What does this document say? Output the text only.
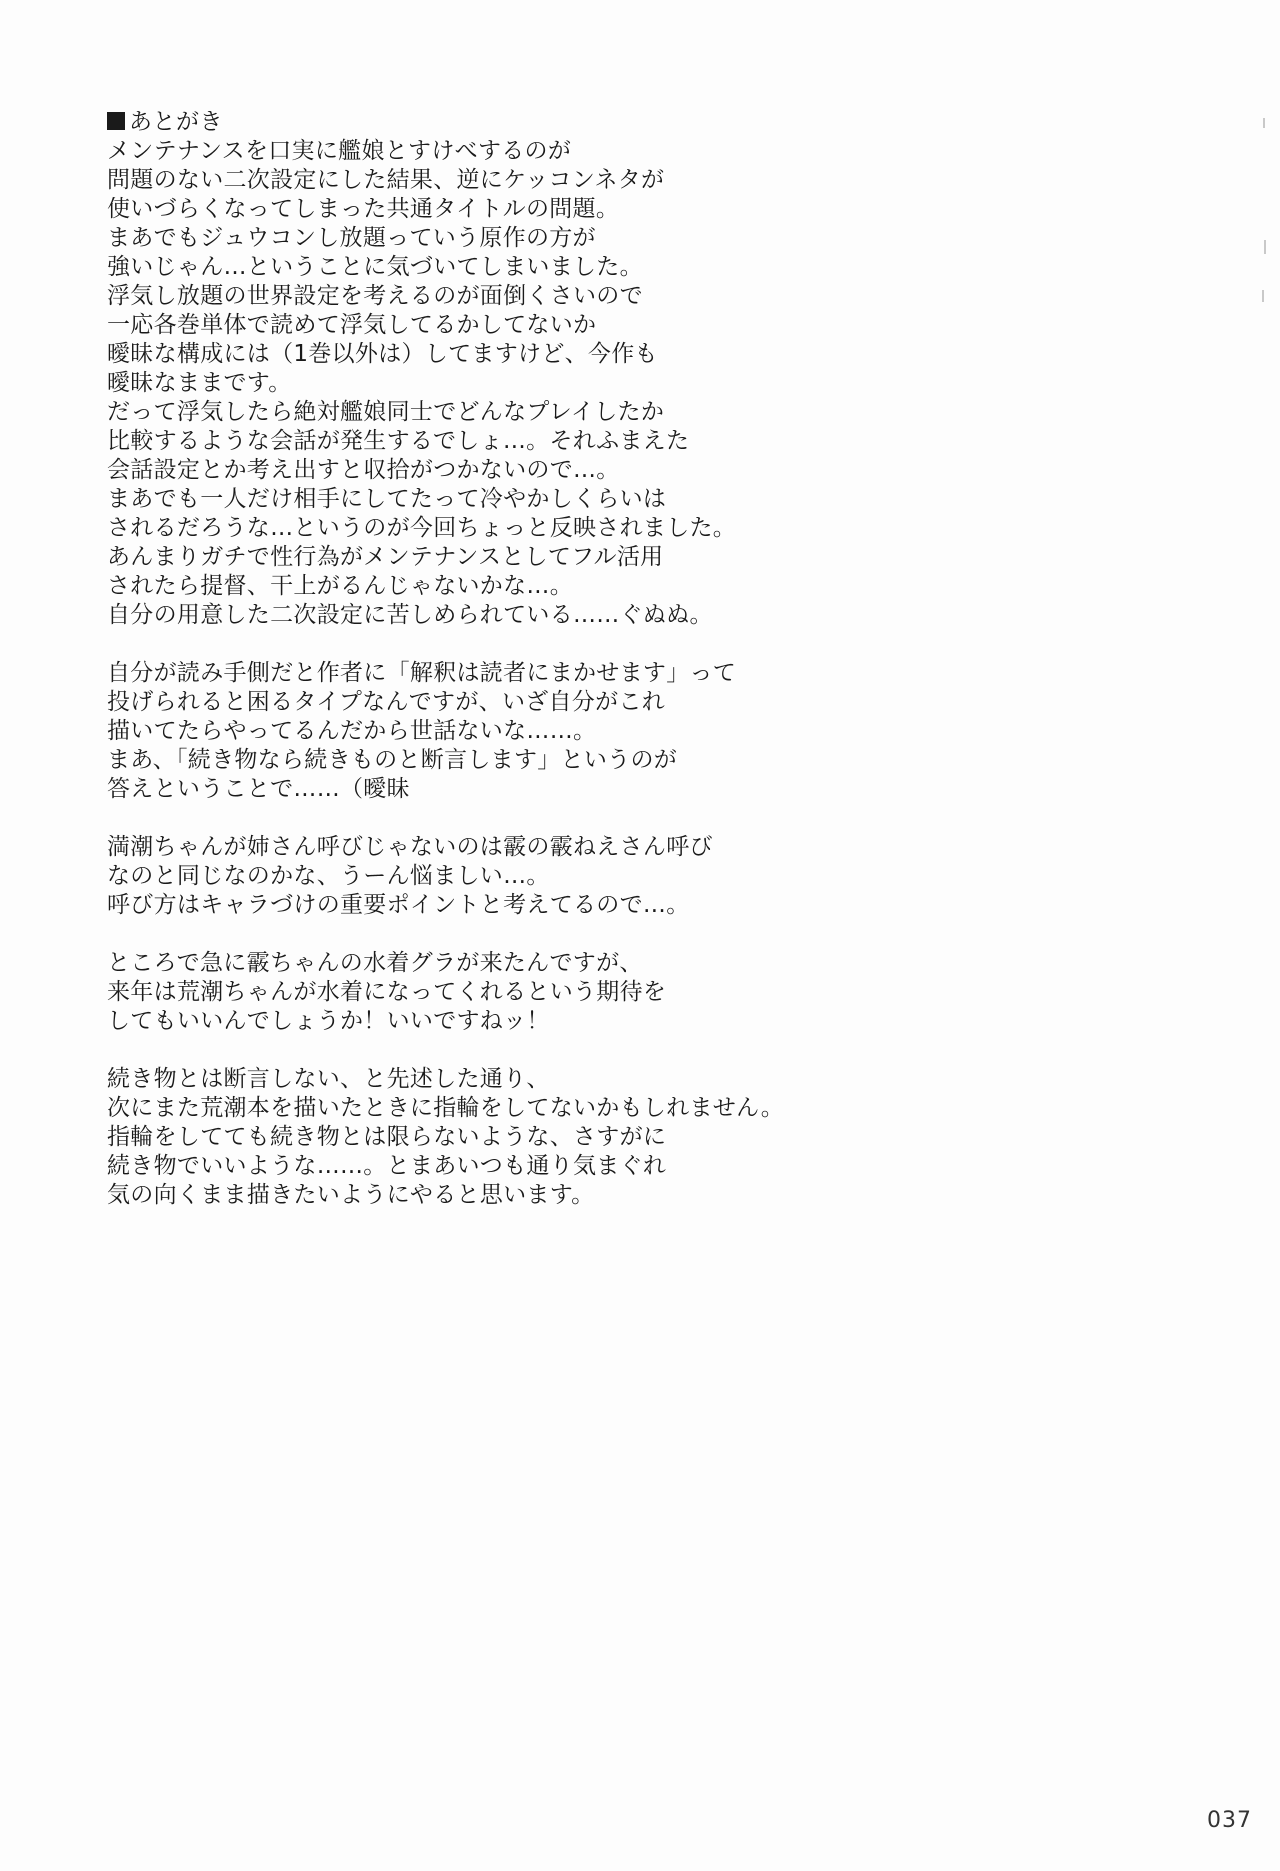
あとがき
メンテナンスを口実に艦娘とすけべするのが
問題のない二次設定にした結果、逆にケッコンネタが
使いづらくなってしまった共通タイトルの問題。
まあでもジュウコンし放題っていう原作の方が
強いじゃん…ということに気づいてしまいました。
浮気し放題の世界設定を考えるのが面倒くさいので
一応各巻単体で読めて浮気してるかしてないか
曖昧な構成には（1巻以外は）してますけど、今作も
曖昧なままです。
だって浮気したら絶対艦娘同士でどんなプレイしたか
比較するような会話が発生するでしょ…。それふまえた
会話設定とか考え出すと収拾がつかないので…。
まあでも一人だけ相手にしてたって冷やかしくらいは
されるだろうな…というのが今回ちょっと反映されました。
あんまりガチで性行為がメンテナンスとしてフル活用
されたら提督、干上がるんじゃないかな…。
自分の用意した二次設定に苦しめられている……ぐぬぬ。
自分が読み手側だと作者に「解釈は読者にまかせます」って
投げられると困るタイプなんですが、いざ自分がこれ
描いてたらやってるんだから世話ないな……。
まあ、「続き物なら続きものと断言します」というのが
答えということで……（曖昧
満潮ちゃんが姉さん呼びじゃないのは霰の霰ねえさん呼び
なのと同じなのかな、うーん悩ましい…。
呼び方はキャラづけの重要ポイントと考えてるので…。
ところで急に霰ちゃんの水着グラが来たんですが、
来年は荒潮ちゃんが水着になってくれるという期待を
してもいいんでしょうか！いいですねッ！
続き物とは断言しない、と先述した通り、
次にまた荒潮本を描いたときに指輪をしてないかもしれません。
指輪をしてても続き物とは限らないような、さすがに
続き物でいいような……。とまあいつも通り気まぐれ
気の向くまま描きたいようにやると思います。
037
